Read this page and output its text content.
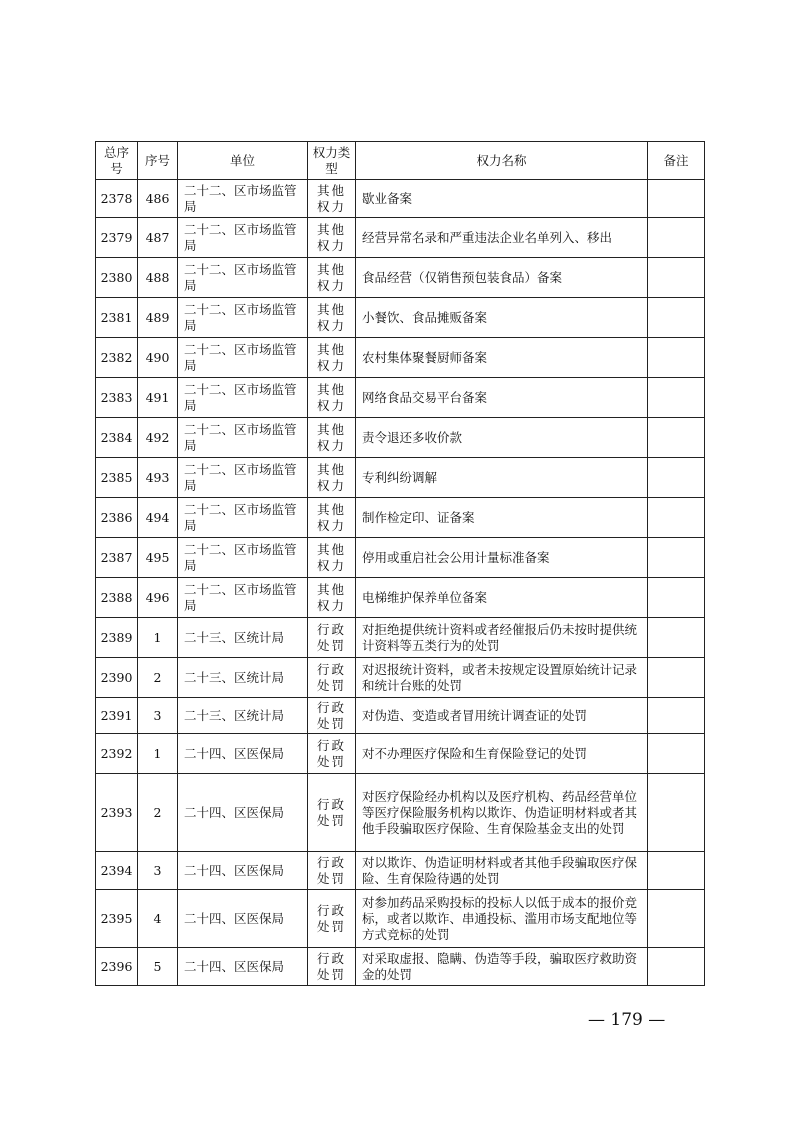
总序号	序号	单位	权力类型	权力名称	备注
2378	486	二十二、区市场监管局	其他权力	歇业备案	
2379	487	二十二、区市场监管局	其他权力	经营异常名录和严重违法企业名单列入、移出	
2380	488	二十二、区市场监管局	其他权力	食品经营（仅销售预包装食品）备案	
2381	489	二十二、区市场监管局	其他权力	小餐饮、食品摊贩备案	
2382	490	二十二、区市场监管局	其他权力	农村集体聚餐厨师备案	
2383	491	二十二、区市场监管局	其他权力	网络食品交易平台备案	
2384	492	二十二、区市场监管局	其他权力	责令退还多收价款	
2385	493	二十二、区市场监管局	其他权力	专利纠纷调解	
2386	494	二十二、区市场监管局	其他权力	制作检定印、证备案	
2387	495	二十二、区市场监管局	其他权力	停用或重启社会公用计量标准备案	
2388	496	二十二、区市场监管局	其他权力	电梯维护保养单位备案	
2389	1	二十三、区统计局	行政处罚	对拒绝提供统计资料或者经催报后仍未按时提供统计资料等五类行为的处罚	
2390	2	二十三、区统计局	行政处罚	对迟报统计资料，或者未按规定设置原始统计记录和统计台账的处罚	
2391	3	二十三、区统计局	行政处罚	对伪造、变造或者冒用统计调查证的处罚	
2392	1	二十四、区医保局	行政处罚	对不办理医疗保险和生育保险登记的处罚	
2393	2	二十四、区医保局	行政处罚	对医疗保险经办机构以及医疗机构、药品经营单位等医疗保险服务机构以欺诈、伪造证明材料或者其他手段骗取医疗保险、生育保险基金支出的处罚	
2394	3	二十四、区医保局	行政处罚	对以欺诈、伪造证明材料或者其他手段骗取医疗保险、生育保险待遇的处罚	
2395	4	二十四、区医保局	行政处罚	对参加药品采购投标的投标人以低于成本的报价竞标，或者以欺诈、串通投标、滥用市场支配地位等方式竞标的处罚	
2396	5	二十四、区医保局	行政处罚	对采取虚报、隐瞒、伪造等手段，骗取医疗救助资金的处罚	
— 179 —
